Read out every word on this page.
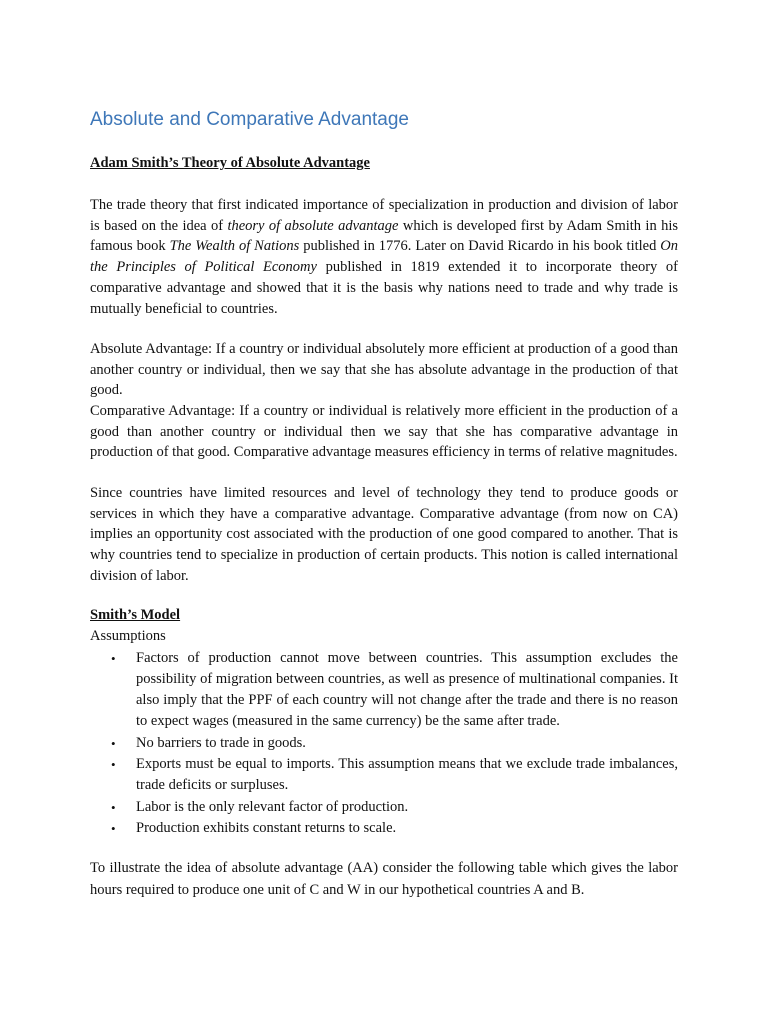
Absolute and Comparative Advantage
Adam Smith’s Theory of Absolute Advantage

The trade theory that first indicated importance of specialization in production and division of labor is based on the idea of theory of absolute advantage which is developed first by Adam Smith in his famous book The Wealth of Nations published in 1776. Later on David Ricardo in his book titled On the Principles of Political Economy published in 1819 extended it to incorporate theory of comparative advantage and showed that it is the basis why nations need to trade and why trade is mutually beneficial to countries.

Absolute Advantage: If a country or individual absolutely more efficient at production of a good than another country or individual, then we say that she has absolute advantage in the production of that good.

Comparative Advantage: If a country or individual is relatively more efficient in the production of a good than another country or individual then we say that she has comparative advantage in production of that good. Comparative advantage measures efficiency in terms of relative magnitudes.

Since countries have limited resources and level of technology they tend to produce goods or services in which they have a comparative advantage. Comparative advantage (from now on CA) implies an opportunity cost associated with the production of one good compared to another. That is why countries tend to specialize in production of certain products. This notion is called international division of labor.

Smith’s Model

Assumptions

• Factors of production cannot move between countries. This assumption excludes the possibility of migration between countries, as well as presence of multinational companies. It also imply that the PPF of each country will not change after the trade and there is no reason to expect wages (measured in the same currency) be the same after trade.
• No barriers to trade in goods.
• Exports must be equal to imports. This assumption means that we exclude trade imbalances, trade deficits or surpluses.
• Labor is the only relevant factor of production.
• Production exhibits constant returns to scale.

To illustrate the idea of absolute advantage (AA) consider the following table which gives the labor hours required to produce one unit of C and W in our hypothetical countries A and B.
